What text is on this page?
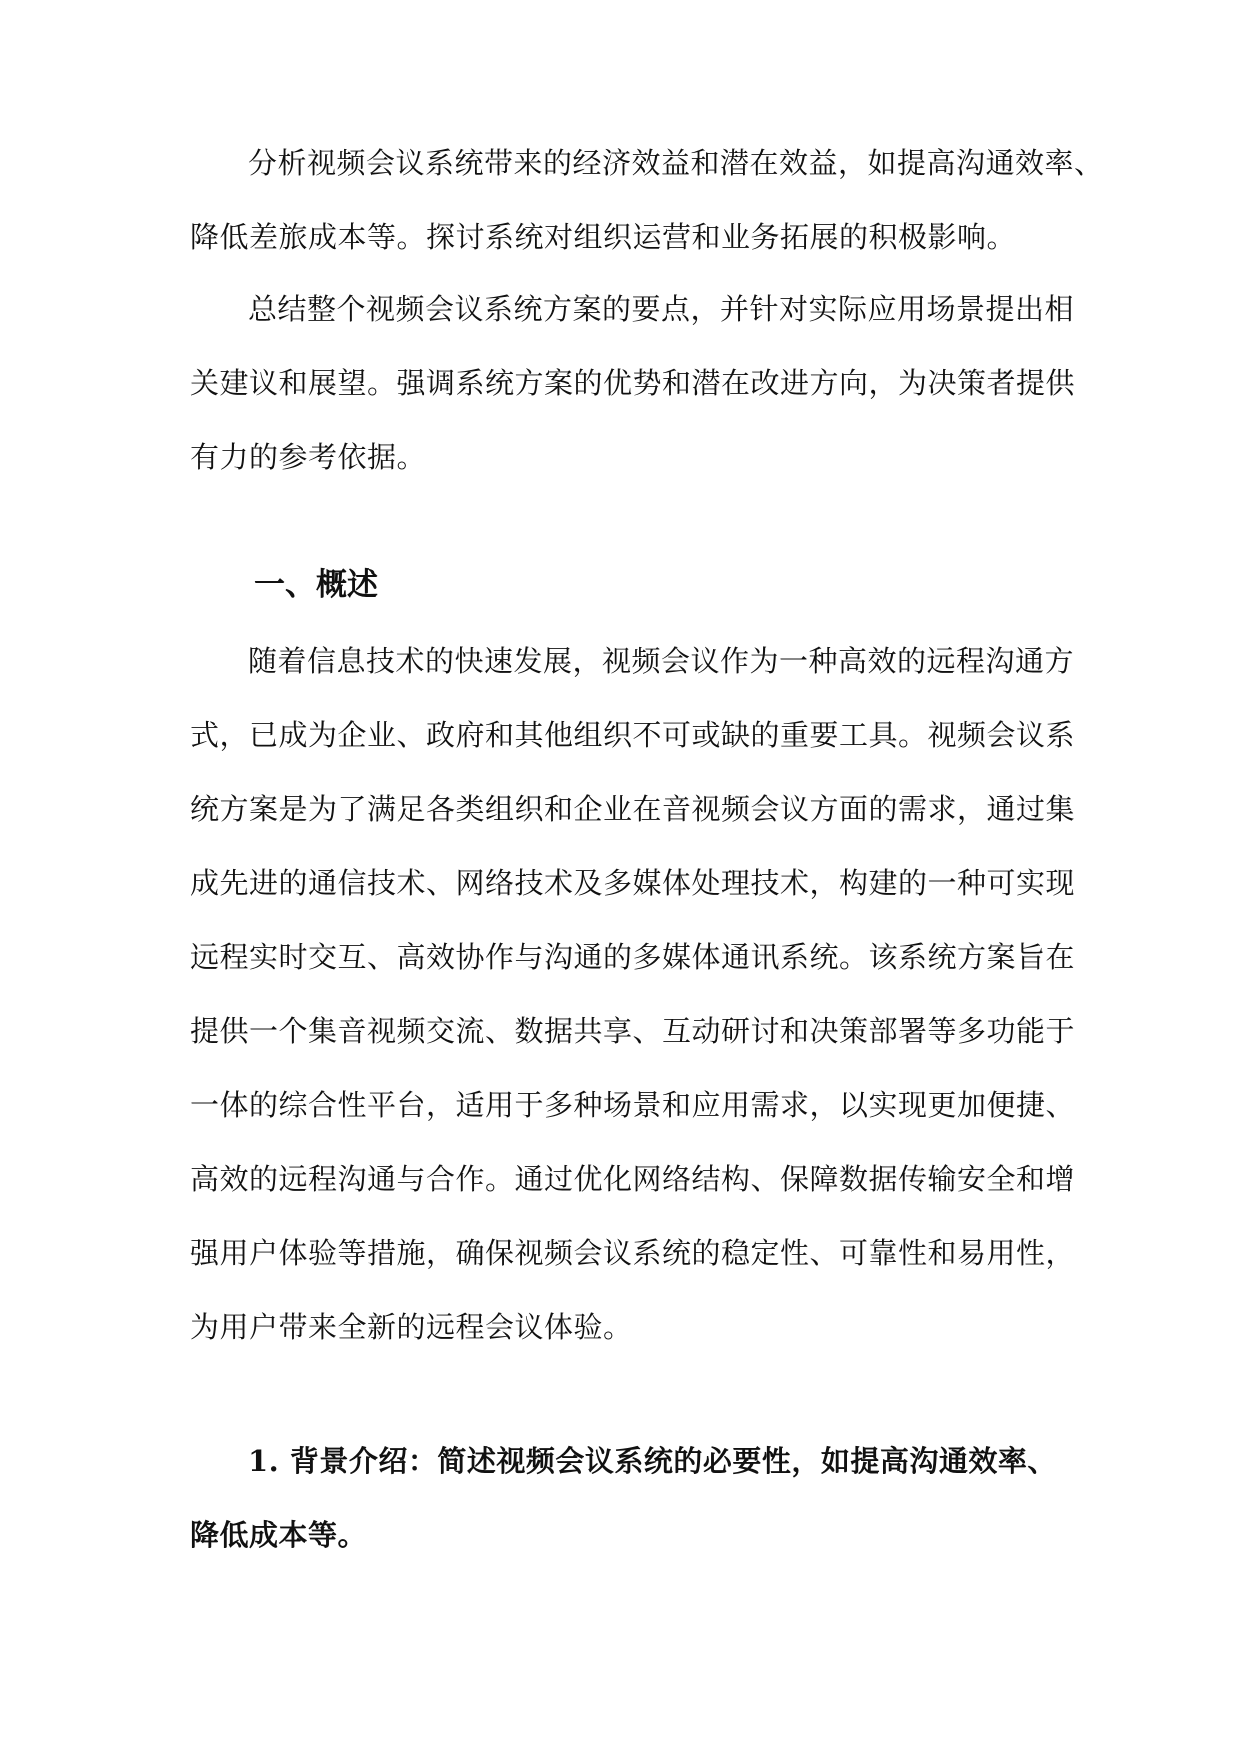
分析视频会议系统带来的经济效益和潜在效益，如提高沟通效率、
降低差旅成本等。探讨系统对组织运营和业务拓展的积极影响。
总结整个视频会议系统方案的要点，并针对实际应用场景提出相
关建议和展望。强调系统方案的优势和潜在改进方向，为决策者提供
有力的参考依据。
一、概述
随着信息技术的快速发展，视频会议作为一种高效的远程沟通方
式，已成为企业、政府和其他组织不可或缺的重要工具。视频会议系
统方案是为了满足各类组织和企业在音视频会议方面的需求，通过集
成先进的通信技术、网络技术及多媒体处理技术，构建的一种可实现
远程实时交互、高效协作与沟通的多媒体通讯系统。该系统方案旨在
提供一个集音视频交流、数据共享、互动研讨和决策部署等多功能于
一体的综合性平台，适用于多种场景和应用需求，以实现更加便捷、
高效的远程沟通与合作。通过优化网络结构、保障数据传输安全和增
强用户体验等措施，确保视频会议系统的稳定性、可靠性和易用性，
为用户带来全新的远程会议体验。
1. 背景介绍：简述视频会议系统的必要性，如提高沟通效率、
降低成本等。
